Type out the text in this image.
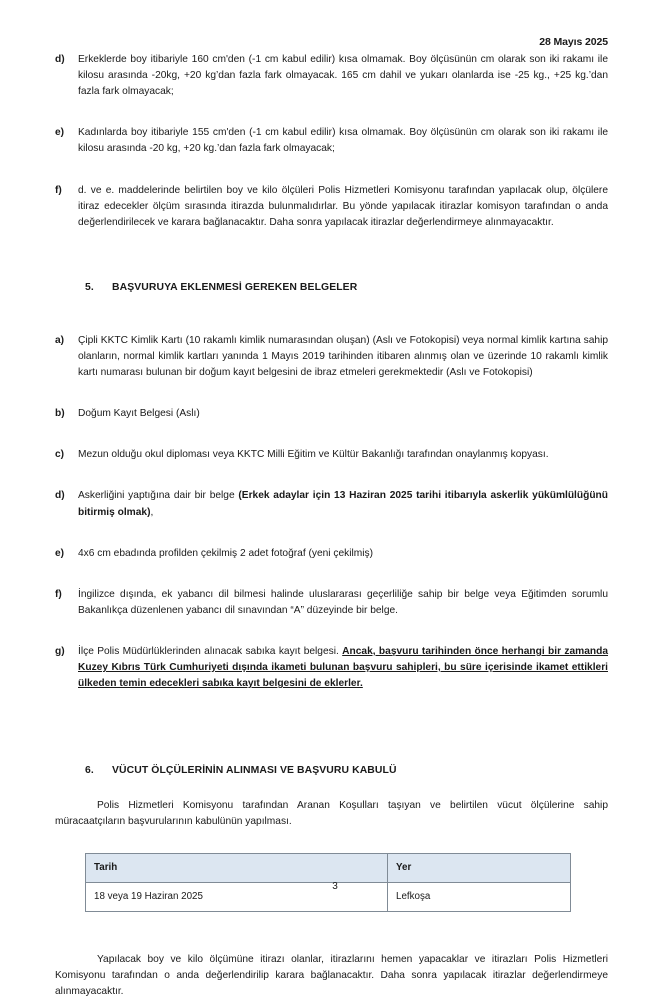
28 Mayıs 2025
d)	Erkeklerde boy itibariyle 160 cm'den (-1 cm kabul edilir) kısa olmamak. Boy ölçüsünün cm olarak son iki rakamı ile kilosu arasında -20kg, +20 kg’dan fazla fark olmayacak. 165 cm dahil ve yukarı olanlarda ise -25 kg., +25 kg.’dan fazla fark olmayacak;
e)	Kadınlarda boy itibariyle 155 cm'den (-1 cm kabul edilir) kısa olmamak. Boy ölçüsünün cm olarak son iki rakamı ile kilosu arasında -20 kg, +20 kg.’dan fazla fark olmayacak;
f)	d. ve e. maddelerinde belirtilen boy ve kilo ölçüleri Polis Hizmetleri Komisyonu tarafından yapılacak olup, ölçülere itiraz edecekler ölçüm sırasında itirazda bulunmalıdırlar. Bu yönde yapılacak itirazlar komisyon tarafından o anda değerlendirilecek ve karara bağlanacaktır. Daha sonra yapılacak itirazlar değerlendirmeye alınmayacaktır.
5.	BAŞVURUYA EKLENMESİ GEREKEN BELGELER
a)	Çipli KKTC Kimlik Kartı (10 rakamlı kimlik numarasından oluşan) (Aslı ve Fotokopisi) veya normal kimlik kartına sahip olanların, normal kimlik kartları yanında 1 Mayıs 2019 tarihinden itibaren alınmış olan ve üzerinde 10 rakamlı kimlik kartı numarası bulunan bir doğum kayıt belgesini de ibraz etmeleri gerekmektedir (Aslı ve Fotokopisi)
b)	Doğum Kayıt Belgesi (Aslı)
c)	Mezun olduğu okul diploması veya KKTC Milli Eğitim ve Kültür Bakanlığı tarafından onaylanmış kopyası.
d)	Askerliğini yaptığına dair bir belge (Erkek adaylar için 13 Haziran 2025 tarihi itibarıyla askerlik yükümlülüğünü bitirmiş olmak),
e)	4x6 cm ebadında profilden çekilmiş 2 adet fotoğraf (yeni çekilmiş)
f)	İngilizce dışında, ek yabancı dil bilmesi halinde uluslararası geçerliliğe sahip bir belge veya Eğitimden sorumlu Bakanlıkça düzenlenen yabancı dil sınavından “A” düzeyinde bir belge.
g)	İlçe Polis Müdürlüklerinden alınacak sabıka kayıt belgesi. Ancak, başvuru tarihinden önce herhangi bir zamanda Kuzey Kıbrıs Türk Cumhuriyeti dışında ikameti bulunan başvuru sahipleri, bu süre içerisinde ikamet ettikleri ülkeden temin edecekleri sabıka kayıt belgesini de eklerler.
6.	VÜCUT ÖLÇÜLERİNİN ALINMASI VE BAŞVURU KABULÜ
Polis Hizmetleri Komisyonu tarafından Aranan Koşulları taşıyan ve belirtilen vücut ölçülerine sahip müracaatçıların başvurularının kabulünün yapılması.
Tarih	Yer
18 veya 19 Haziran 2025	Lefkoşa
Yapılacak boy ve kilo ölçümüne itirazı olanlar, itirazlarını hemen yapacaklar ve itirazları Polis Hizmetleri Komisyonu tarafından o anda değerlendirilip karara bağlanacaktır. Daha sonra yapılacak itirazlar değerlendirmeye alınmayacaktır.
3
